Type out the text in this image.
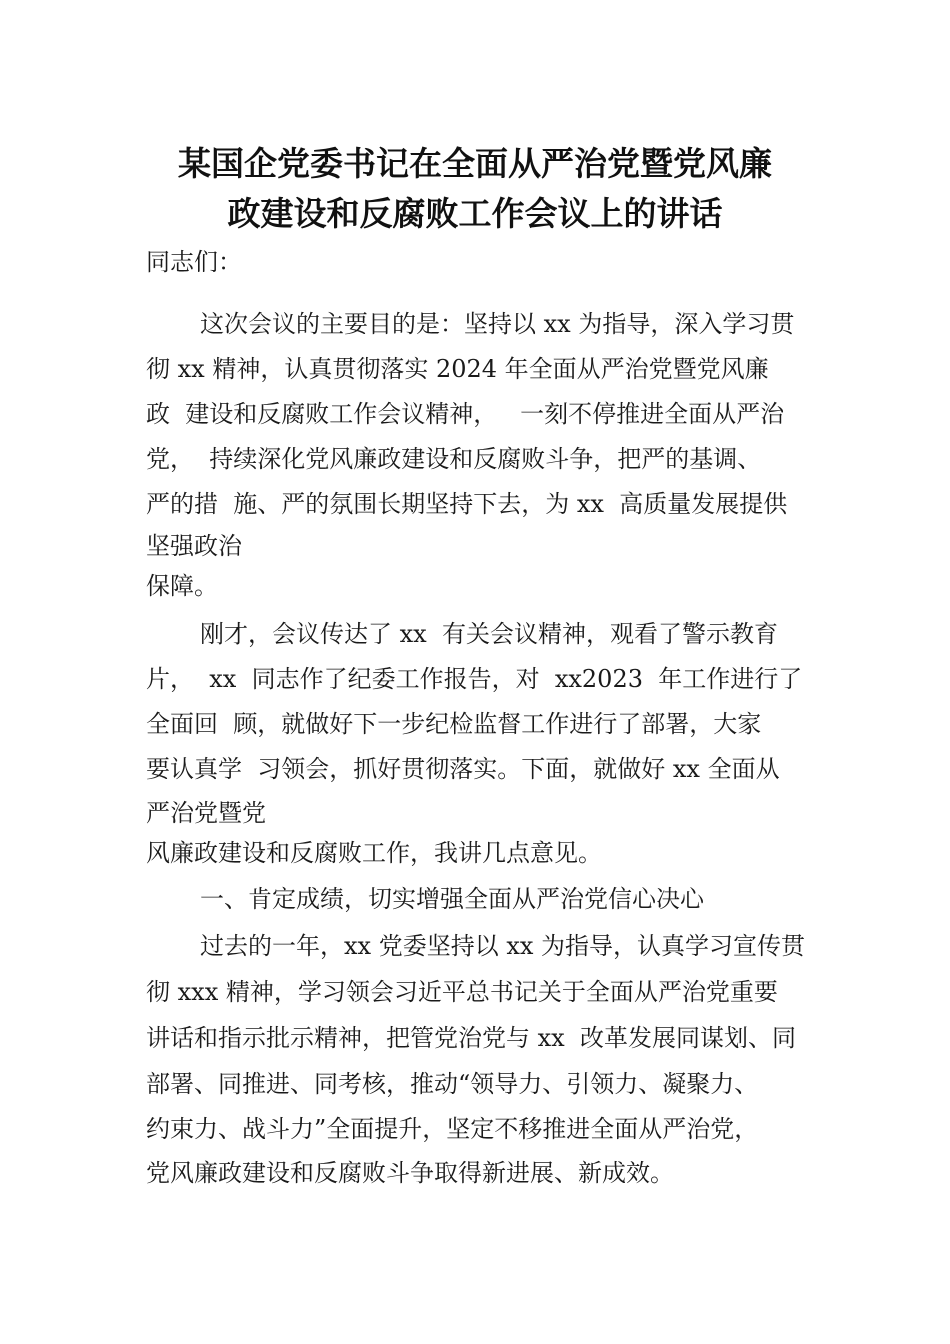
某国企党委书记在全面从严治党暨党风廉
政建设和反腐败工作会议上的讲话
同志们：
这次会议的主要目的是：坚持以 xx 为指导，深入学习贯
彻 xx 精神，认真贯彻落实 2024 年全面从严治党暨党风廉
政  建设和反腐败工作会议精神，   一刻不停推进全面从严治
党，  持续深化党风廉政建设和反腐败斗争，把严的基调、
严的措  施、严的氛围长期坚持下去，为 xx  高质量发展提供
坚强政治
保障。
刚才，会议传达了 xx  有关会议精神，观看了警示教育
片，  xx  同志作了纪委工作报告，对  xx2023  年工作进行了
全面回  顾，就做好下一步纪检监督工作进行了部署，大家
要认真学  习领会，抓好贯彻落实。下面，就做好 xx 全面从
严治党暨党
风廉政建设和反腐败工作，我讲几点意见。
一、肯定成绩，切实增强全面从严治党信心决心
过去的一年，xx 党委坚持以 xx 为指导，认真学习宣传贯
彻 xxx 精神，学习领会习近平总书记关于全面从严治党重要
讲话和指示批示精神，把管党治党与 xx  改革发展同谋划、同
部署、同推进、同考核，推动“领导力、引领力、凝聚力、
约束力、战斗力”全面提升，坚定不移推进全面从严治党，
党风廉政建设和反腐败斗争取得新进展、新成效。
